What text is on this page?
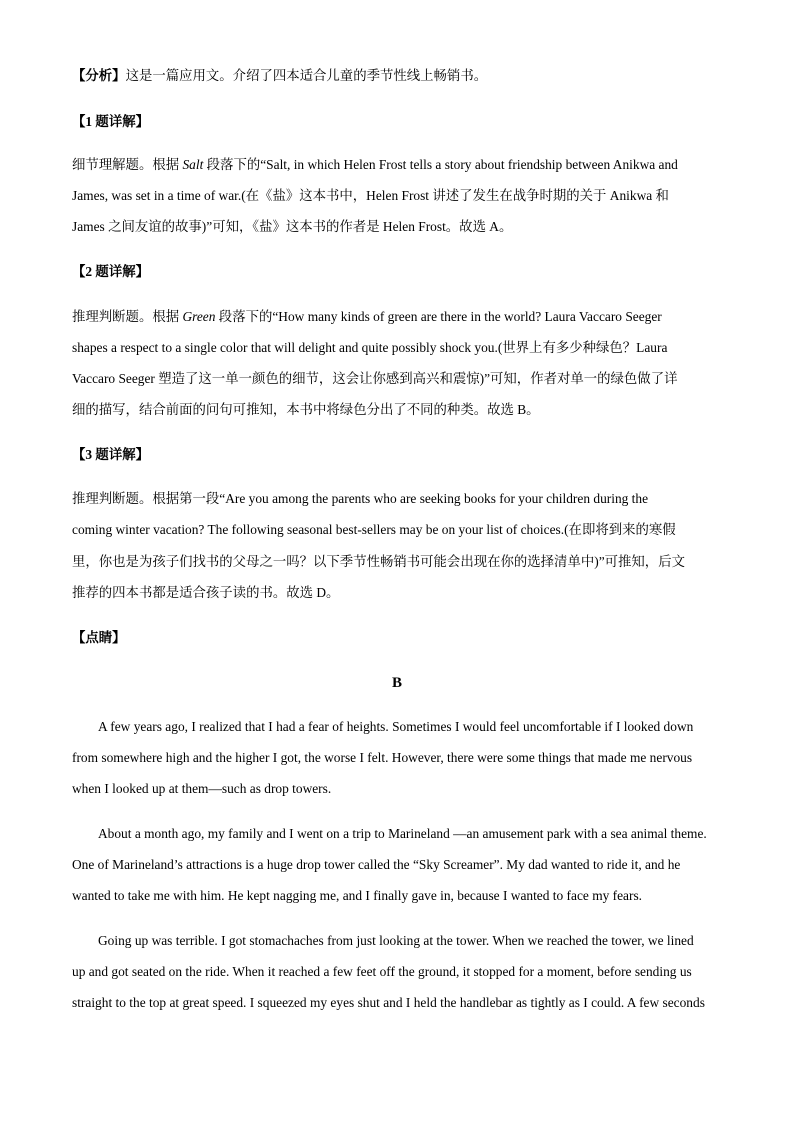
【分析】这是一篇应用文。介绍了四本适合儿童的季节性线上畅销书。
【1 题详解】
细节理解题。根据 Salt 段落下的“Salt, in which Helen Frost tells a story about friendship between Anikwa and
James, was set in a time of war.(在《盐》这本书中，Helen Frost 讲述了发生在战争时期的关于 Anikwa 和
James 之间友谊的故事)”可知，《盐》这本书的作者是 Helen Frost。故选 A。
【2 题详解】
推理判断题。根据 Green 段落下的“How many kinds of green are there in the world? Laura Vaccaro Seeger
shapes a respect to a single color that will delight and quite possibly shock you.(世界上有多少种绿色？Laura
Vaccaro Seeger 塑造了这一单一颜色的细节，这会让你感到高兴和震惊)”可知，作者对单一的绿色做了详
细的描写，结合前面的问句可推知，本书中将绿色分出了不同的种类。故选 B。
【3 题详解】
推理判断题。根据第一段“Are you among the parents who are seeking books for your children during the
coming winter vacation? The following seasonal best-sellers may be on your list of choices.(在即将到来的寒假
里，你也是为孩子们找书的父母之一吗？以下季节性畅销书可能会出现在你的选择清单中)”可推知，后文
推荐的四本书都是适合孩子读的书。故选 D。
【点睛】
B
A few years ago, I realized that I had a fear of heights. Sometimes I would feel uncomfortable if I looked down
from somewhere high and the higher I got, the worse I felt. However, there were some things that made me nervous
when I looked up at them—such as drop towers.
About a month ago, my family and I went on a trip to Marineland —an amusement park with a sea animal theme.
One of Marineland’s attractions is a huge drop tower called the “Sky Screamer”. My dad wanted to ride it, and he
wanted to take me with him. He kept nagging me, and I finally gave in, because I wanted to face my fears.
Going up was terrible. I got stomachaches from just looking at the tower. When we reached the tower, we lined
up and got seated on the ride. When it reached a few feet off the ground, it stopped for a moment, before sending us
straight to the top at great speed. I squeezed my eyes shut and I held the handlebar as tightly as I could. A few seconds
